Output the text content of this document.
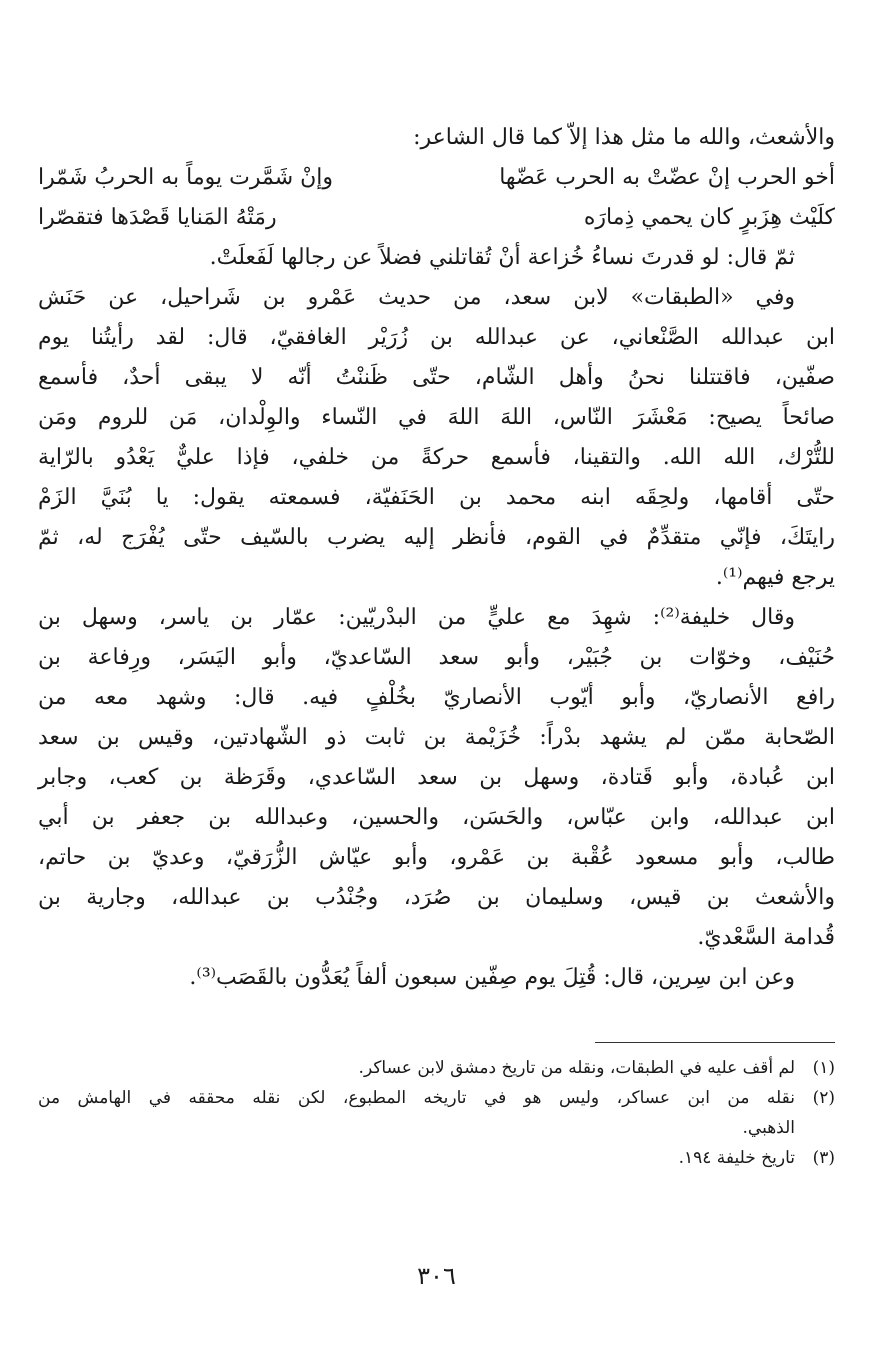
والأشعث، والله ما مثل هذا إلاّ كما قال الشاعر:
أخو الحرب إنْ عضّتْ به الحرب عَضّها
وإنْ شَمَّرت يوماً به الحربُ شَمّرا
كلَيْث هِزَبرٍ كان يحمي ذِمارَه
رمَتْهُ المَنايا قَصْدَها فتقصّرا
ثمّ قال: لو قدرتَ نساءُ خُزاعة أنْ تُقاتلني فضلاً عن رجالها لَفَعلَتْ.
وفي «الطبقات» لابن سعد، من حديث عَمْرو بن شَراحيل، عن حَنَش
ابن عبدالله الصَّنْعاني، عن عبدالله بن زُرَيْر الغافقيّ، قال: لقد رأيتُنا يوم
صفّين، فاقتتلنا نحنُ وأهل الشّام، حتّى ظَننْتُ أنّه لا يبقى أحدٌ، فأسمع
صائحاً يصيح: مَعْشَرَ النّاس، اللهَ اللهَ في النّساء والوِلْدان، مَن للروم ومَن
للتُّرْك، الله الله. والتقينا، فأسمع حركةً من خلفي، فإذا عليٌّ يَعْدُو بالرّاية
حتّى أقامها، ولحِقَه ابنه محمد بن الحَنَفيّة، فسمعته يقول: يا بُنَيَّ الزَمْ
رايتَكَ، فإنّي متقدِّمٌ في القوم، فأنظر إليه يضرب بالسّيف حتّى يُفْرَج له، ثمّ
يرجع فيهم⁽¹⁾.
وقال خليفة⁽²⁾: شهِدَ مع عليٍّ من البدْريّين: عمّار بن ياسر، وسهل بن
حُنَيْف، وخوّات بن جُبَيْر، وأبو سعد السّاعديّ، وأبو اليَسَر، ورِفاعة بن
رافع الأنصاريّ، وأبو أيّوب الأنصاريّ بخُلْفٍ فيه. قال: وشهد معه من
الصّحابة ممّن لم يشهد بدْراً: خُزَيْمة بن ثابت ذو الشّهادتين، وقيس بن سعد
ابن عُبادة، وأبو قَتادة، وسهل بن سعد السّاعدي، وقَرَظة بن كعب، وجابر
ابن عبدالله، وابن عبّاس، والحَسَن، والحسين، وعبدالله بن جعفر بن أبي
طالب، وأبو مسعود عُقْبة بن عَمْرو، وأبو عيّاش الزُّرَقيّ، وعديّ بن حاتم،
والأشعث بن قيس، وسليمان بن صُرَد، وجُنْدُب بن عبدالله، وجارية بن
قُدامة السَّعْديّ.
وعن ابن سِرين، قال: قُتِلَ يوم صِفّين سبعون ألفاً يُعَدُّون بالقَصَب⁽³⁾.
(١)
لم أقف عليه في الطبقات، ونقله من تاريخ دمشق لابن عساكر.
(٢)
نقله من ابن عساكر، وليس هو في تاريخه المطبوع، لكن نقله محققه في الهامش من
الذهبي.
(٣)
تاريخ خليفة ١٩٤.
٣٠٦
